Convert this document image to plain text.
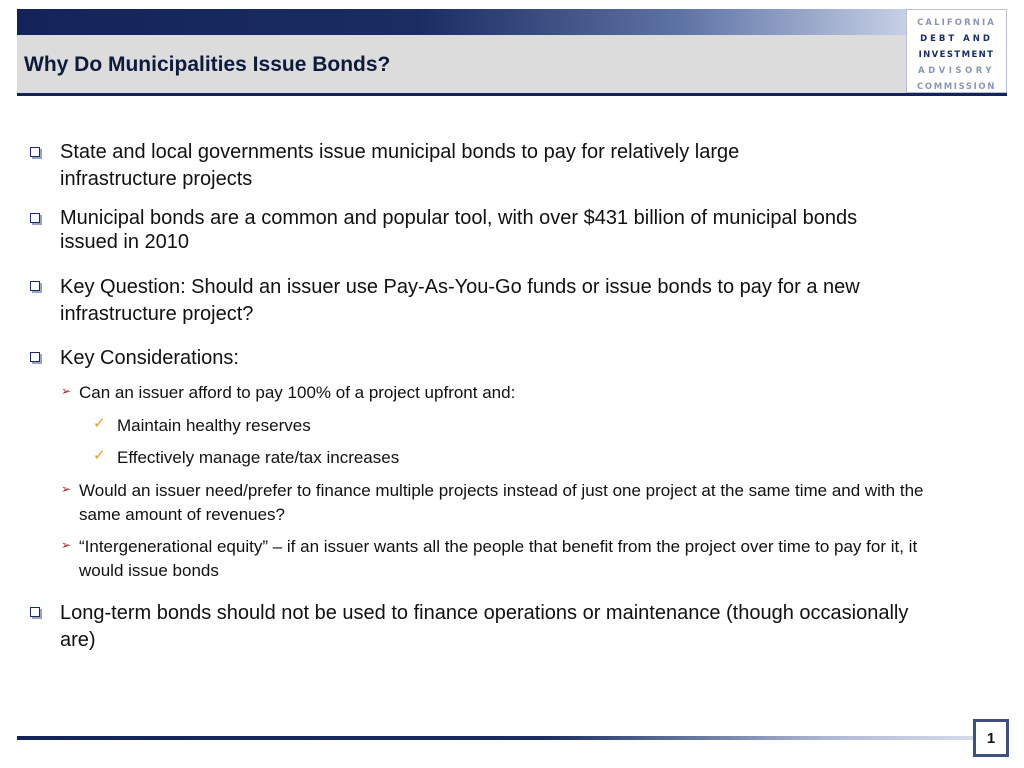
Why Do Municipalities Issue Bonds?
CALIFORNIA
DEBT AND
INVESTMENT
ADVISORY
COMMISSION
State and local governments issue municipal bonds to pay for relatively large infrastructure projects
Municipal bonds are a common and popular tool, with over $431 billion of municipal bonds issued in 2010
Key Question: Should an issuer use Pay-As-You-Go funds or issue bonds to pay for a new infrastructure project?
Key Considerations:
➢ Can an issuer afford to pay 100% of a project upfront and:
✓ Maintain healthy reserves
✓ Effectively manage rate/tax increases
➢ Would an issuer need/prefer to finance multiple projects instead of just one project at the same time and with the same amount of revenues?
➢ “Intergenerational equity” – if an issuer wants all the people that benefit from the project over time to pay for it, it would issue bonds
Long-term bonds should not be used to finance operations or maintenance (though occasionally are)
1
